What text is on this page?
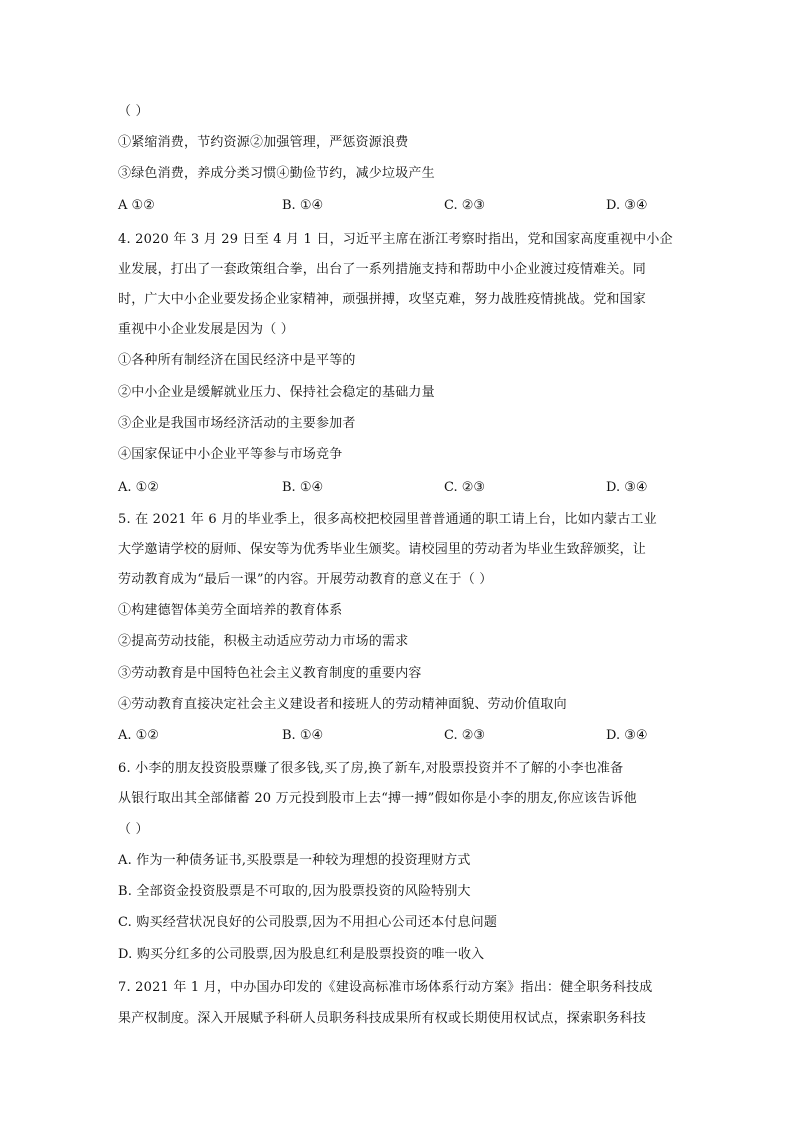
（ ）
①紧缩消费，节约资源②加强管理，严惩资源浪费
③绿色消费，养成分类习惯④勤俭节约，减少垃圾产生
A ①②	B. ①④	C. ②③	D. ③④
4. 2020 年 3 月 29 日至 4 月 1 日，习近平主席在浙江考察时指出，党和国家高度重视中小企
业发展，打出了一套政策组合拳，出台了一系列措施支持和帮助中小企业渡过疫情难关。同
时，广大中小企业要发扬企业家精神，顽强拼搏，攻坚克难，努力战胜疫情挑战。党和国家
重视中小企业发展是因为（ ）
①各种所有制经济在国民经济中是平等的
②中小企业是缓解就业压力、保持社会稳定的基础力量
③企业是我国市场经济活动的主要参加者
④国家保证中小企业平等参与市场竞争
A. ①②	B. ①④	C. ②③	D. ③④
5. 在 2021 年 6 月的毕业季上，很多高校把校园里普普通通的职工请上台，比如内蒙古工业
大学邀请学校的厨师、保安等为优秀毕业生颁奖。请校园里的劳动者为毕业生致辞颁奖，让
劳动教育成为“最后一课”的内容。开展劳动教育的意义在于（ ）
①构建德智体美劳全面培养的教育体系
②提高劳动技能，积极主动适应劳动力市场的需求
③劳动教育是中国特色社会主义教育制度的重要内容
④劳动教育直接决定社会主义建设者和接班人的劳动精神面貌、劳动价值取向
A. ①②	B. ①④	C. ②③	D. ③④
6. 小李的朋友投资股票赚了很多钱,买了房,换了新车,对股票投资并不了解的小李也准备
从银行取出其全部储蓄 20 万元投到股市上去“搏一搏”假如你是小李的朋友,你应该告诉他
（ ）
A. 作为一种债务证书,买股票是一种较为理想的投资理财方式
B. 全部资金投资股票是不可取的,因为股票投资的风险特别大
C. 购买经营状况良好的公司股票,因为不用担心公司还本付息问题
D. 购买分红多的公司股票,因为股息红利是股票投资的唯一收入
7. 2021 年 1 月，中办国办印发的《建设高标准市场体系行动方案》指出：健全职务科技成
果产权制度。深入开展赋予科研人员职务科技成果所有权或长期使用权试点，探索职务科技
